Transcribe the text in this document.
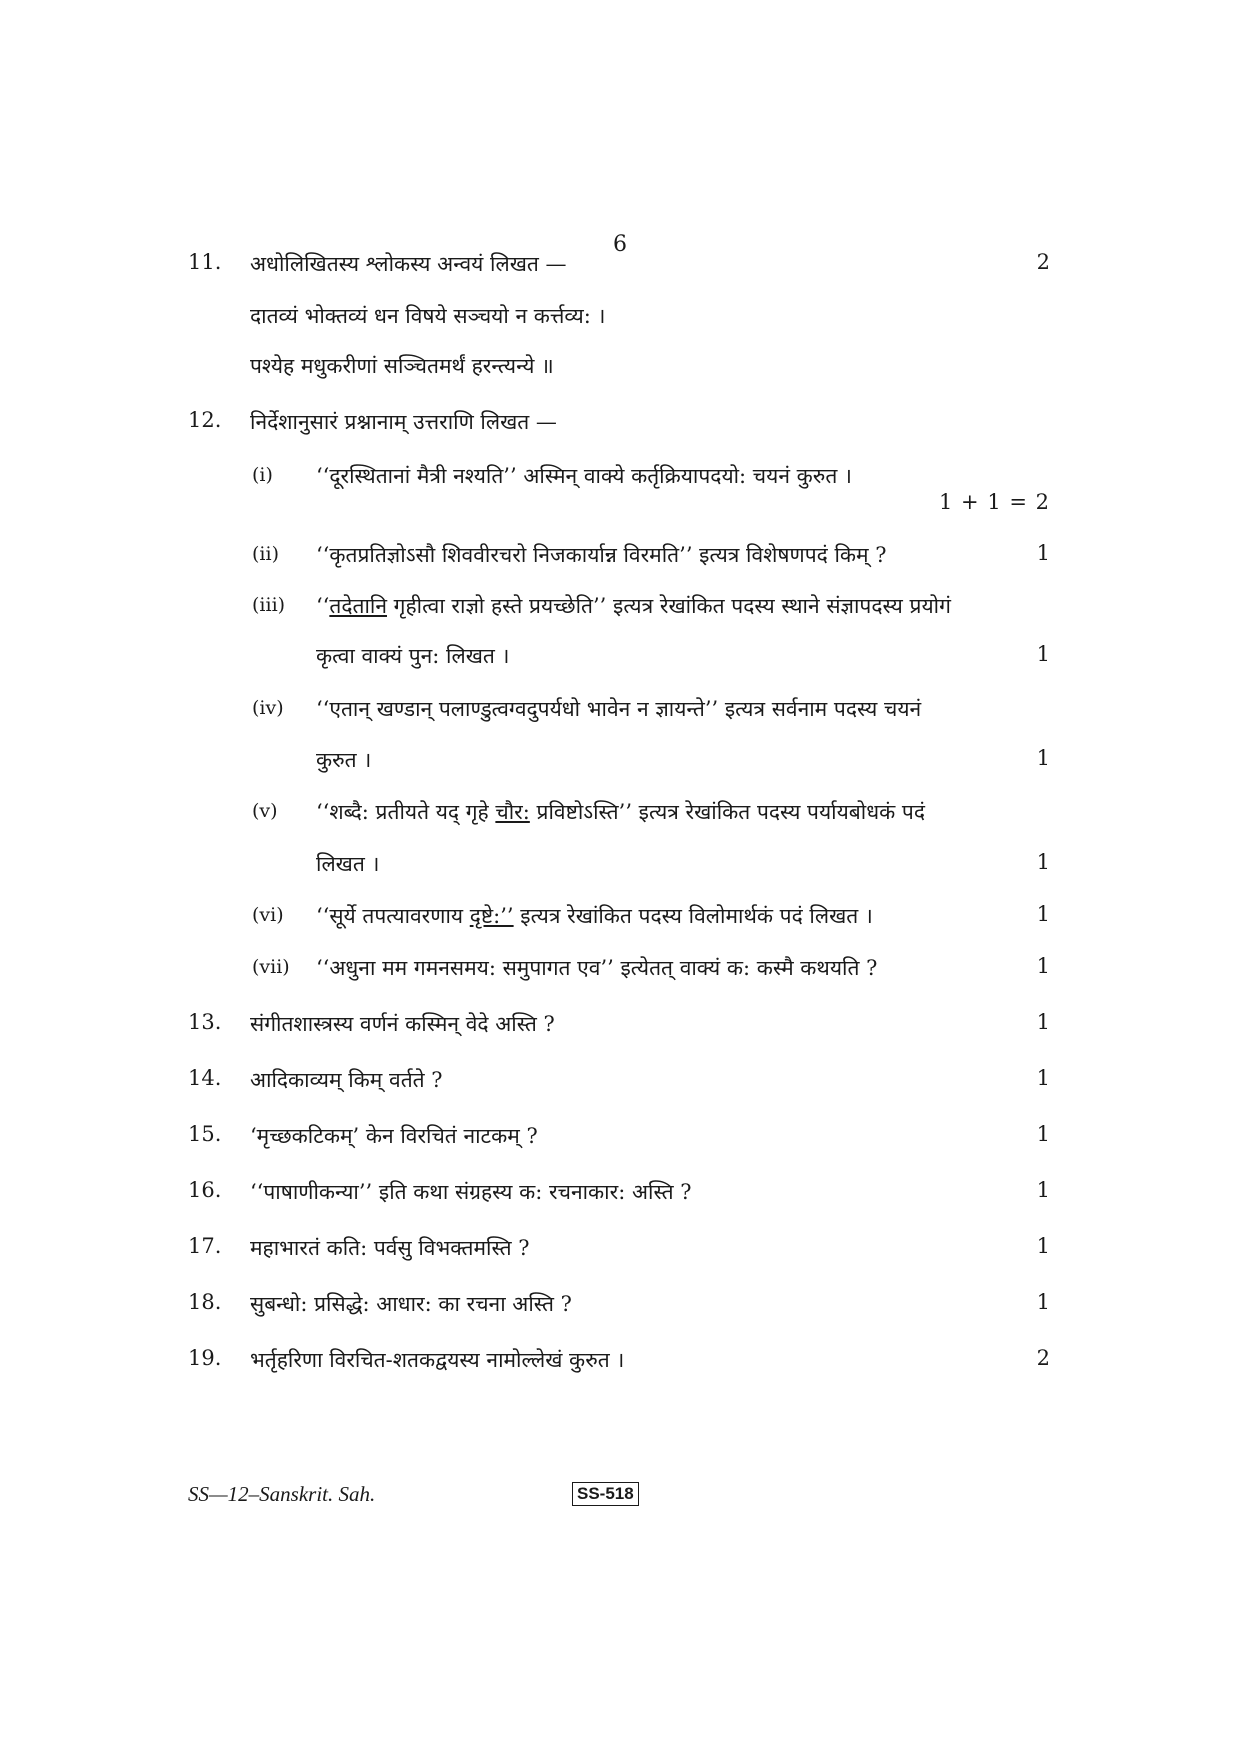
6
11. अधोलिखितस्य श्लोकस्य अन्वयं लिखत —	2
दातव्यं भोक्तव्यं धन विषये सञ्चयो न कर्त्तव्य: ।
पश्येह मधुकरीणां सञ्चितमर्थं हरन्त्यन्ये ॥
12. निर्देशानुसारं प्रश्नानाम् उत्तराणि लिखत —
(i) ‘‘दूरस्थितानां मैत्री नश्यति’’ अस्मिन् वाक्ये कर्तृक्रियापदयो: चयनं कुरुत ।
1 + 1 = 2
(ii) ‘‘कृतप्रतिज्ञोऽसौ शिववीरचरो निजकार्यान्न विरमति’’ इत्यत्र विशेषणपदं किम् ?	1
(iii) ‘‘तदेतानि गृहीत्वा राज्ञो हस्ते प्रयच्छेति’’ इत्यत्र रेखांकित पदस्य स्थाने संज्ञापदस्य प्रयोगं
कृत्वा वाक्यं पुन: लिखत ।	1
(iv) ‘‘एतान् खण्डान् पलाण्डुत्वग्वदुपर्यधो भावेन न ज्ञायन्ते’’ इत्यत्र सर्वनाम पदस्य चयनं
कुरुत ।	1
(v) ‘‘शब्दै: प्रतीयते यद् गृहे चौर: प्रविष्टोऽस्ति’’ इत्यत्र रेखांकित पदस्य पर्यायबोधकं पदं
लिखत ।	1
(vi) ‘‘सूर्ये तपत्यावरणाय दृष्टे:’’ इत्यत्र रेखांकित पदस्य विलोमार्थकं पदं लिखत ।	1
(vii) ‘‘अधुना मम गमनसमय: समुपागत एव’’ इत्येतत् वाक्यं क: कस्मै कथयति ?	1
13. संगीतशास्त्रस्य वर्णनं कस्मिन् वेदे अस्ति ?	1
14. आदिकाव्यम् किम् वर्तते ?	1
15. ‘मृच्छकटिकम्’ केन विरचितं नाटकम् ?	1
16. ‘‘पाषाणीकन्या’’ इति कथा संग्रहस्य क: रचनाकार: अस्ति ?	1
17. महाभारतं कति: पर्वसु विभक्तमस्ति ?	1
18. सुबन्धो: प्रसिद्धे: आधार: का रचना अस्ति ?	1
19. भर्तृहरिणा विरचित-शतकद्वयस्य नामोल्लेखं कुरुत ।	2
SS—12–Sanskrit. Sah.	SS-518
